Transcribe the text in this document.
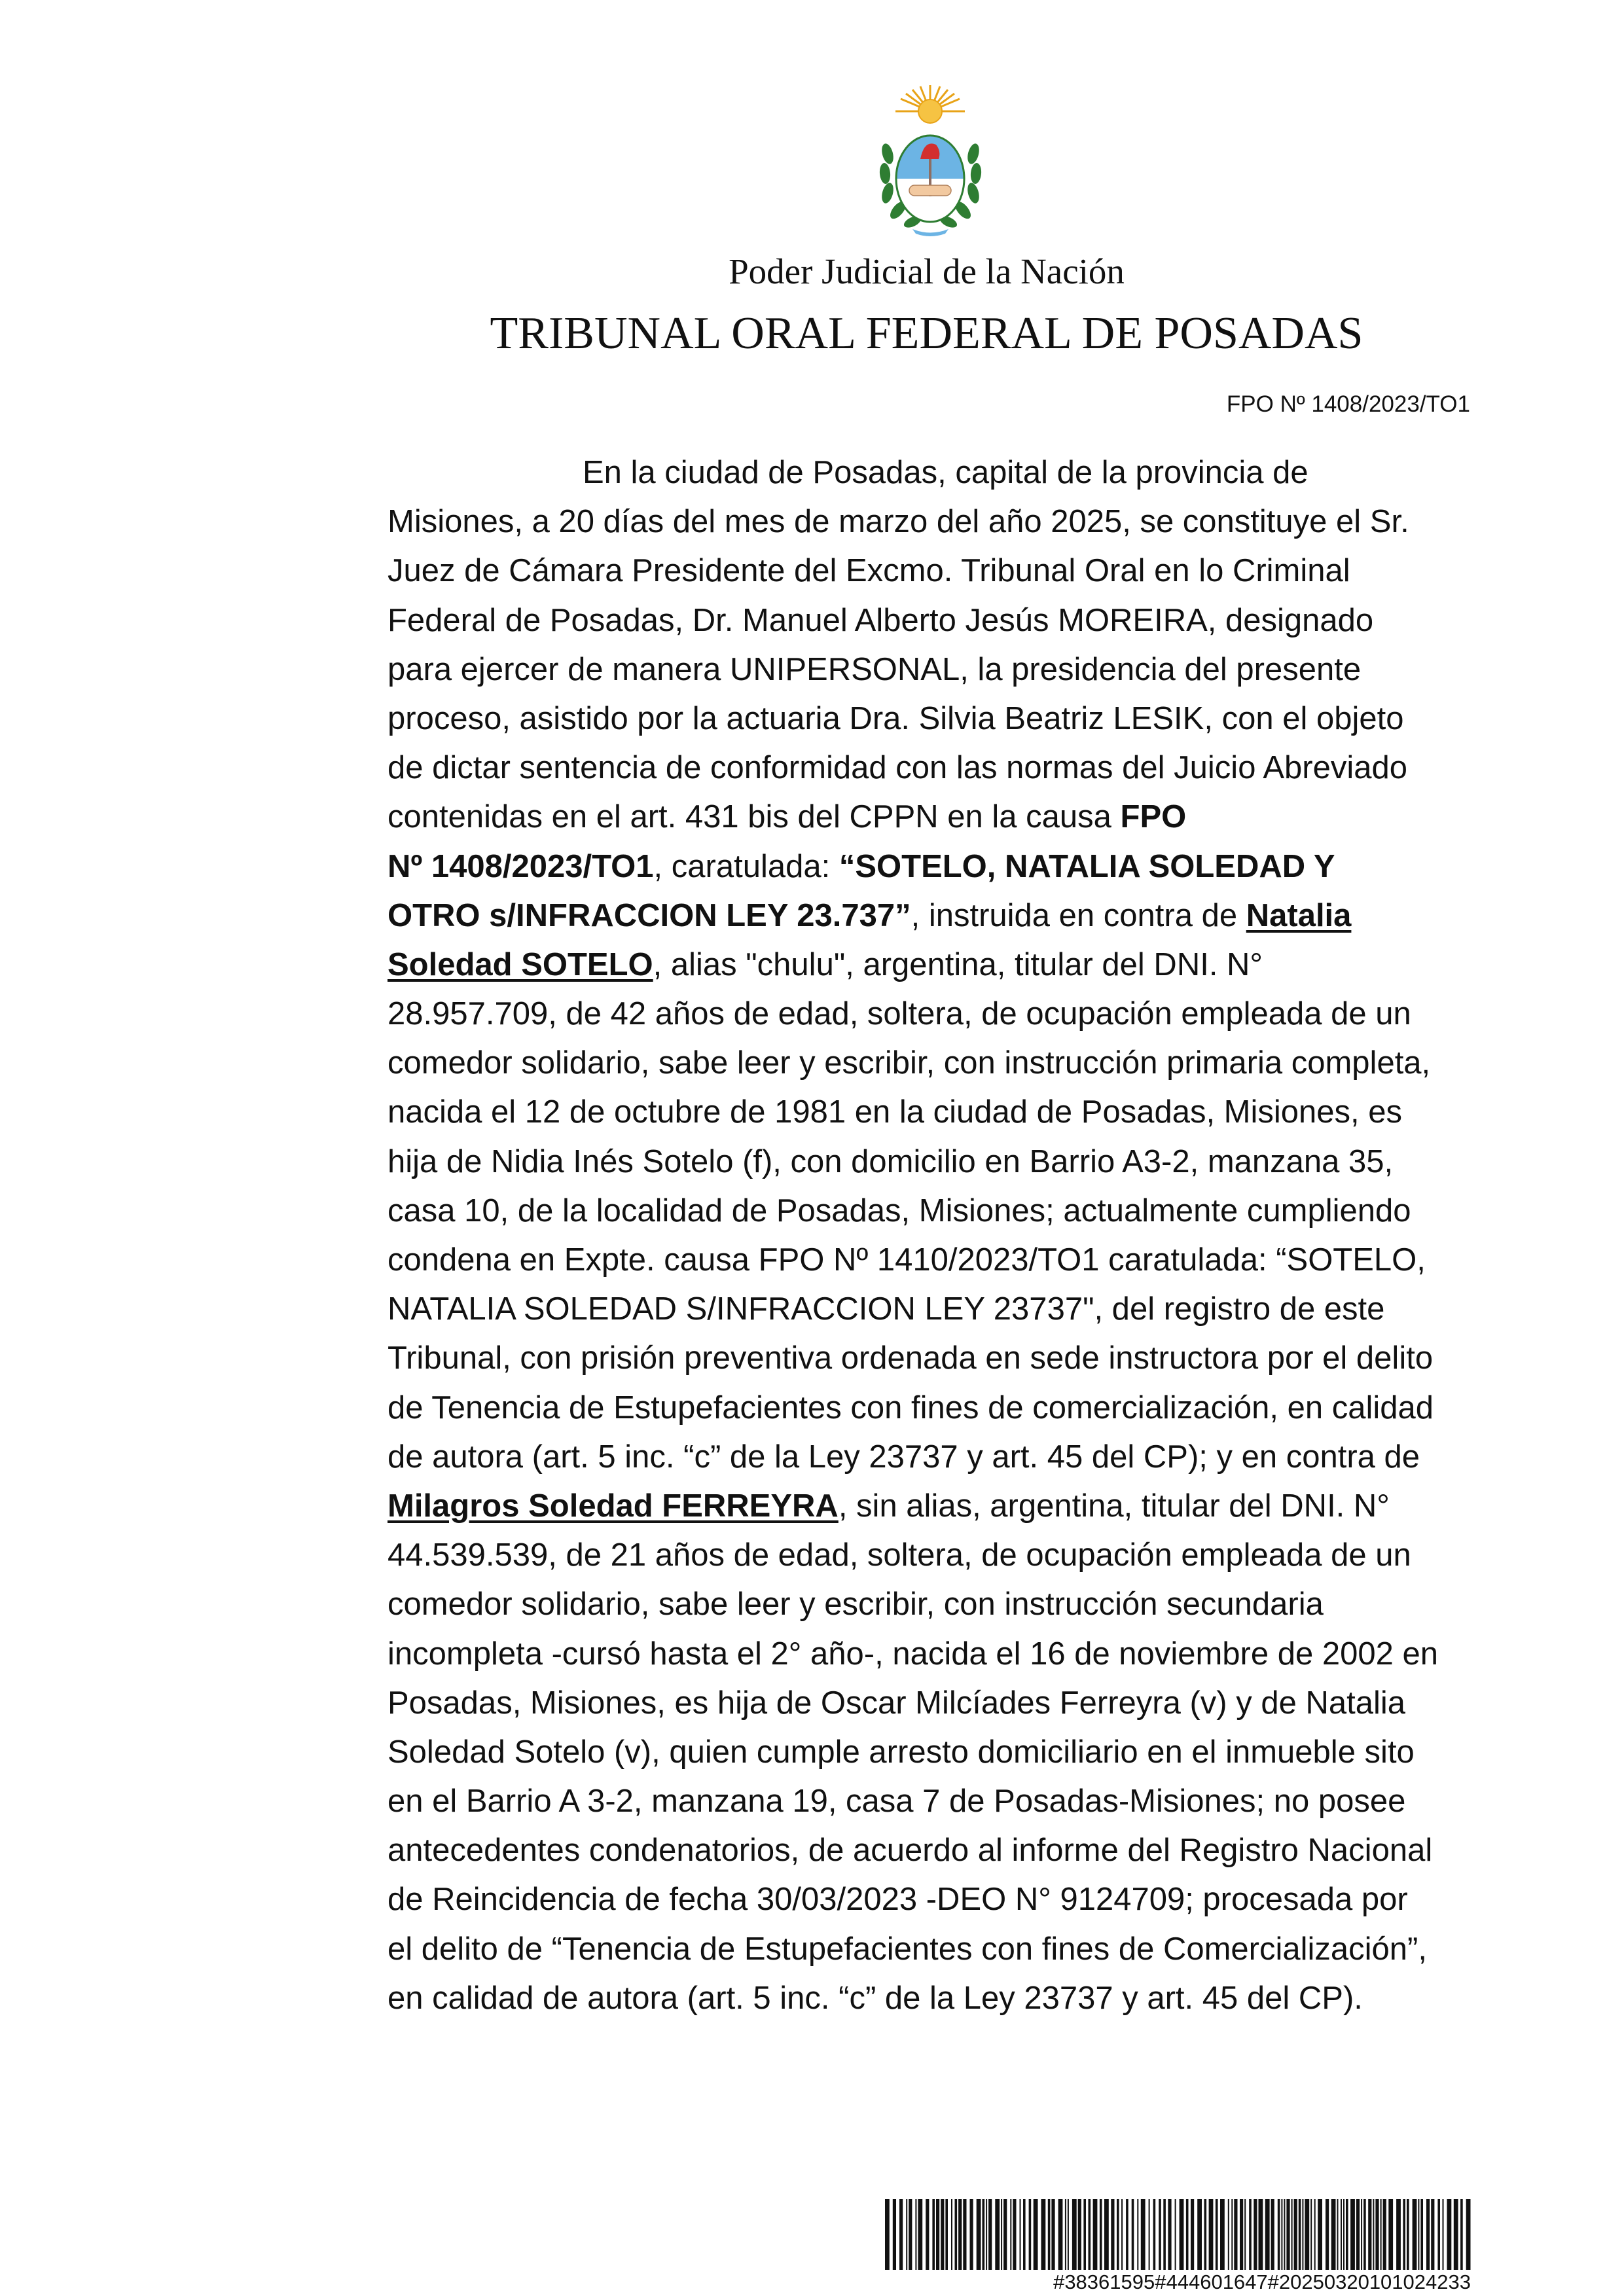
Poder Judicial de la Nación
TRIBUNAL ORAL FEDERAL DE POSADAS
FPO Nº 1408/2023/TO1
En la ciudad de Posadas, capital de la provincia de
Misiones, a 20 días del mes de marzo del año 2025, se constituye el Sr.
Juez de Cámara Presidente del Excmo. Tribunal Oral en lo Criminal
Federal de Posadas, Dr. Manuel Alberto Jesús MOREIRA, designado
para ejercer de manera UNIPERSONAL, la presidencia del presente
proceso, asistido por la actuaria Dra. Silvia Beatriz LESIK, con el objeto
de dictar sentencia de conformidad con las normas del Juicio Abreviado
contenidas en el art. 431 bis del CPPN en la causa FPO
Nº 1408/2023/TO1, caratulada: “SOTELO, NATALIA SOLEDAD Y
OTRO s/INFRACCION LEY 23.737”, instruida en contra de Natalia
Soledad SOTELO, alias "chulu", argentina, titular del DNI. N°
28.957.709, de 42 años de edad, soltera, de ocupación empleada de un
comedor solidario, sabe leer y escribir, con instrucción primaria completa,
nacida el 12 de octubre de 1981 en la ciudad de Posadas, Misiones, es
hija de Nidia Inés Sotelo (f), con domicilio en Barrio A3-2, manzana 35,
casa 10, de la localidad de Posadas, Misiones; actualmente cumpliendo
condena en Expte. causa FPO Nº 1410/2023/TO1 caratulada: “SOTELO,
NATALIA SOLEDAD S/INFRACCION LEY 23737", del registro de este
Tribunal, con prisión preventiva ordenada en sede instructora por el delito
de Tenencia de Estupefacientes con fines de comercialización, en calidad
de autora (art. 5 inc. “c” de la Ley 23737 y art. 45 del CP); y en contra de
Milagros Soledad FERREYRA, sin alias, argentina, titular del DNI. N°
44.539.539, de 21 años de edad, soltera, de ocupación empleada de un
comedor solidario, sabe leer y escribir, con instrucción secundaria
incompleta -cursó hasta el 2° año-, nacida el 16 de noviembre de 2002 en
Posadas, Misiones, es hija de Oscar Milcíades Ferreyra (v) y de Natalia
Soledad Sotelo (v), quien cumple arresto domiciliario en el inmueble sito
en el Barrio A 3-2, manzana 19, casa 7 de Posadas-Misiones; no posee
antecedentes condenatorios, de acuerdo al informe del Registro Nacional
de Reincidencia de fecha 30/03/2023 -DEO N° 9124709; procesada por
el delito de “Tenencia de Estupefacientes con fines de Comercialización”,
en calidad de autora (art. 5 inc. “c” de la Ley 23737 y art. 45 del CP).
#38361595#444601647#20250320101024233
